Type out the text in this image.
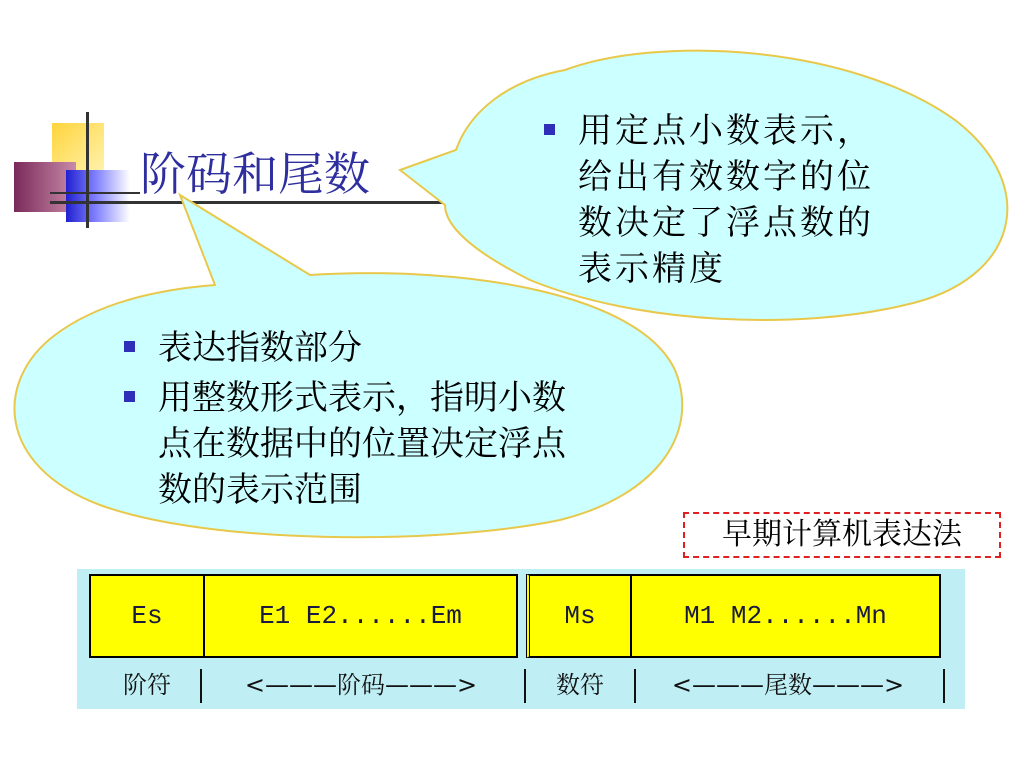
阶码和尾数
用定点小数表示，给出有效数字的位数决定了浮点数的表示精度
表达指数部分
用整数形式表示，指明小数点在数据中的位置决定浮点数的表示范围
早期计算机表达法
Es	E1 E2......Em	Ms	M1 M2......Mn
阶符	<———阶码———>	数符	<———尾数———>
